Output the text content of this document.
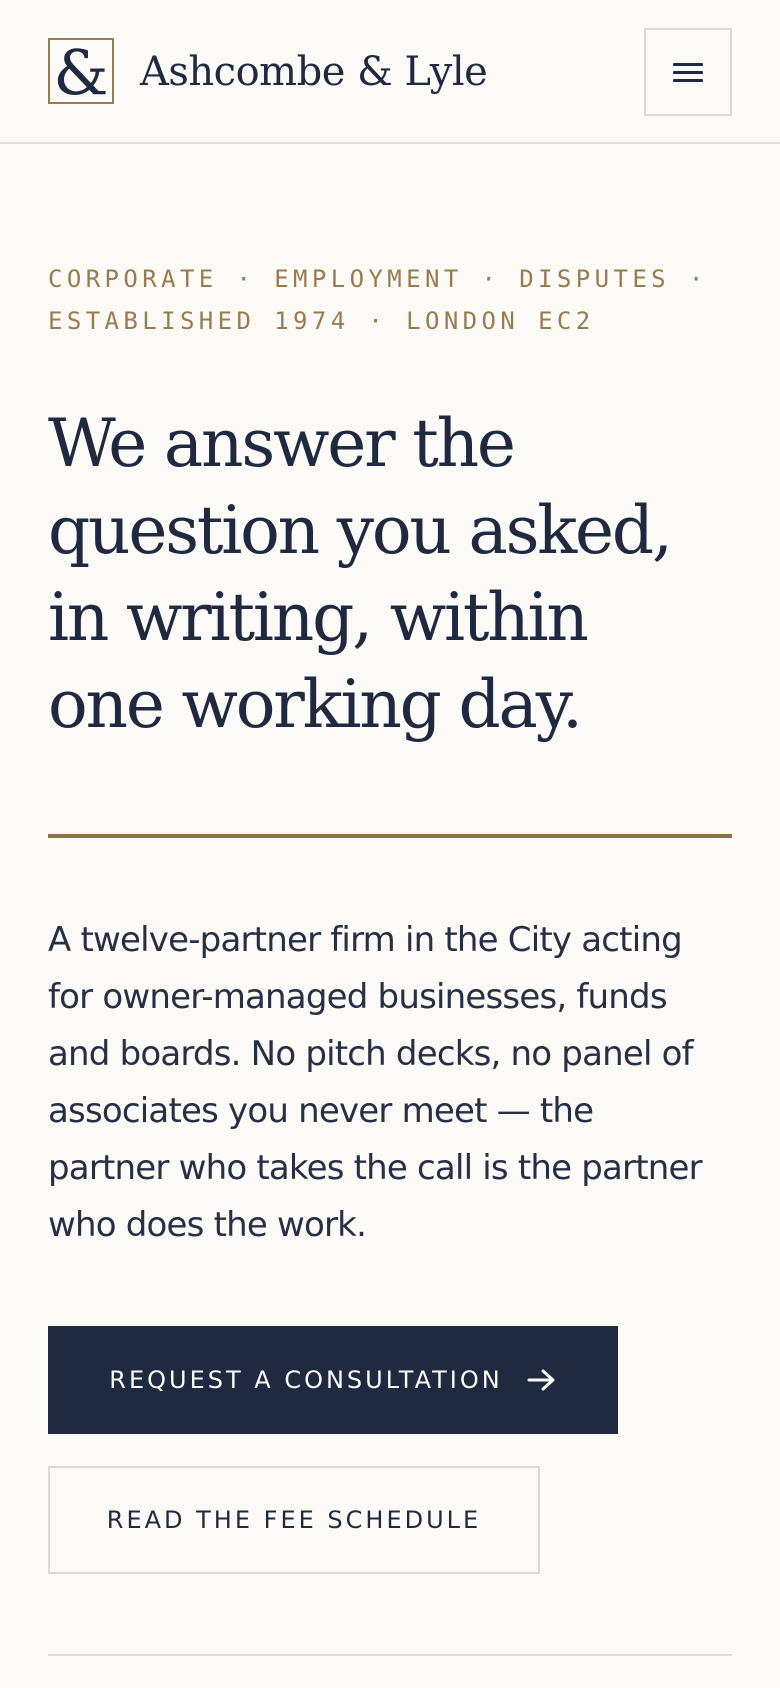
& Ashcombe & Lyle

CORPORATE · EMPLOYMENT · DISPUTES ·
ESTABLISHED 1974 · LONDON EC2

We answer the
question you asked,
in writing, within
one working day.

A twelve-partner firm in the City acting
for owner-managed businesses, funds
and boards. No pitch decks, no panel of
associates you never meet — the
partner who takes the call is the partner
who does the work.

REQUEST A CONSULTATION
READ THE FEE SCHEDULE
